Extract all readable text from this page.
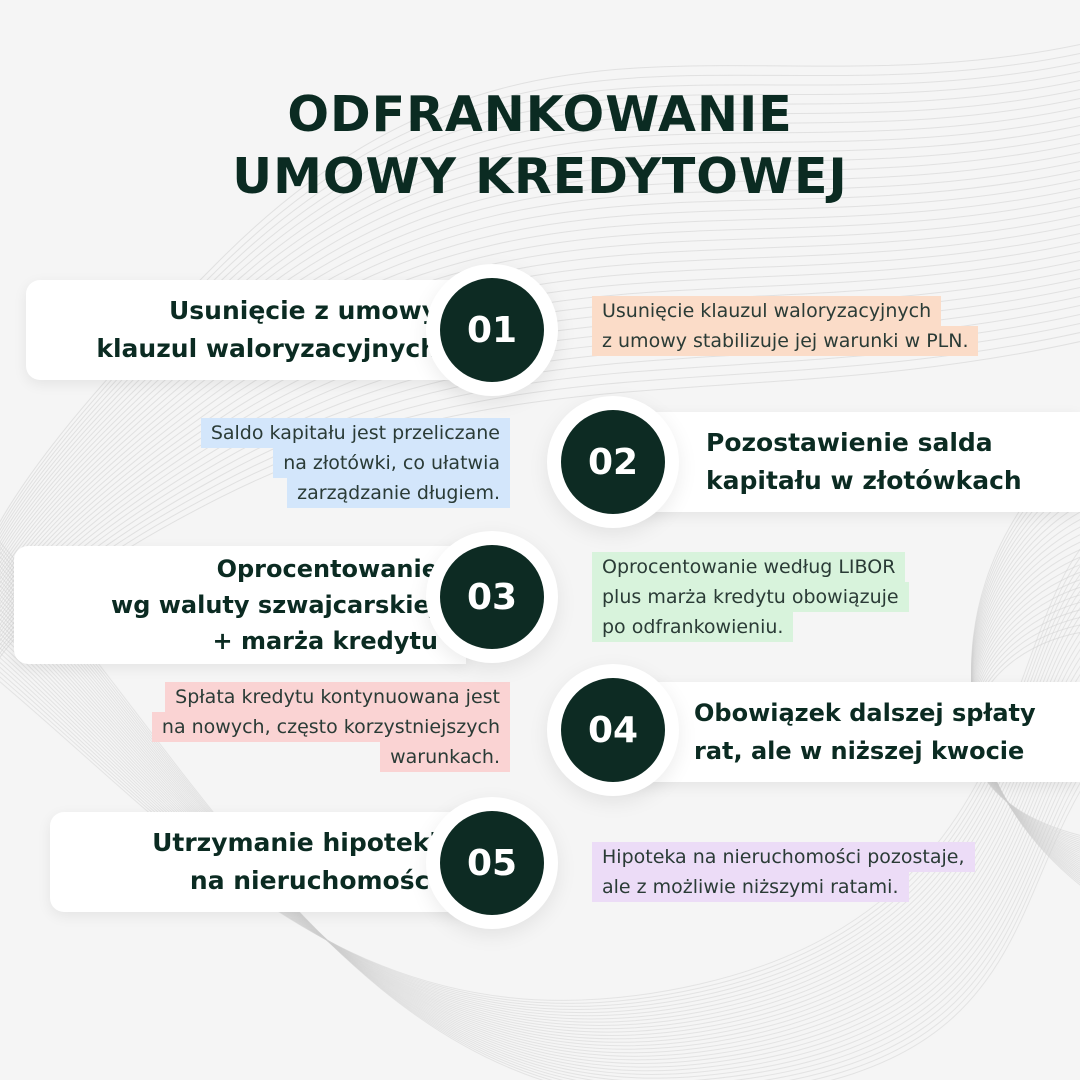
ODFRANKOWANIE
UMOWY KREDYTOWEJ
Usunięcie z umowy
klauzul waloryzacyjnych 01	Usunięcie klauzul waloryzacyjnych
z umowy stabilizuje jej warunki w PLN.
Saldo kapitału jest przeliczane
na złotówki, co ułatwia
zarządzanie długiem.
Pozostawienie salda
kapitału w złotówkach
02
Oprocentowanie
wg waluty szwajcarskiej
+ marża kredytu
03
Oprocentowanie według LIBOR
plus marża kredytu obowiązuje
po odfrankowieniu.
Spłata kredytu kontynuowana jest
na nowych, często korzystniejszych
warunkach.
Obowiązek dalszej spłaty
rat, ale w niższej kwocie
04
Utrzymanie hipoteki
na nieruchomości 05	Hipoteka na nieruchomości pozostaje,
ale z możliwie niższymi ratami.
